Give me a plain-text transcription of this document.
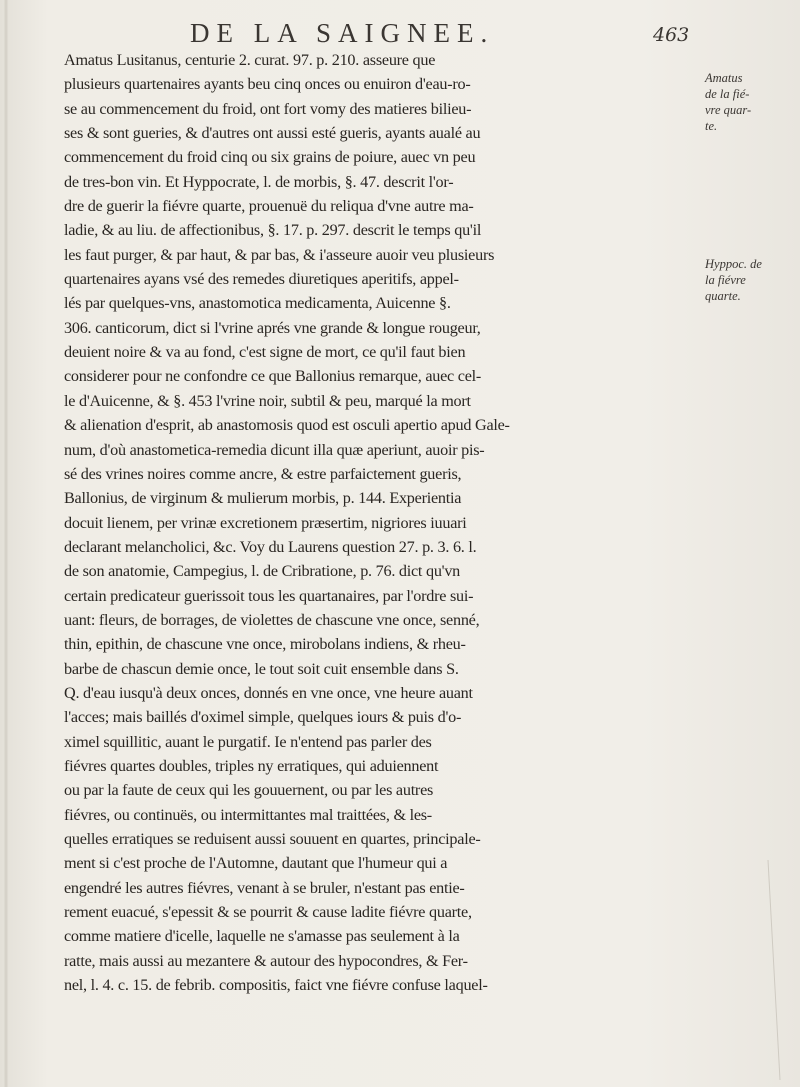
DE LA SAIGNEE.	463
Amatus Lusitanus, centurie 2. curat. 97. p. 210. asseure que
plusieurs quartenaires ayants beu cinq onces ou enuiron d'eau-ro-
se au commencement du froid, ont fort vomy des matieres bilieu-
ses & sont gueries, & d'autres ont aussi esté gueris, ayants aualé au
commencement du froid cinq ou six grains de poiure, auec vn peu
de tres-bon vin. Et Hyppocrate, l. de morbis, §. 47. descrit l'or-
dre de guerir la fiévre quarte, prouenuë du reliqua d'vne autre ma-
ladie, & au liu. de affectionibus, §. 17. p. 297. descrit le temps qu'il
les faut purger, & par haut, & par bas, & i'asseure auoir veu plusieurs
quartenaires ayans vsé des remedes diuretiques aperitifs, appel-
lés par quelques-vns, anastomotica medicamenta, Auicenne §.
306. canticorum, dict si l'vrine aprés vne grande & longue rougeur,
deuient noire & va au fond, c'est signe de mort, ce qu'il faut bien
considerer pour ne confondre ce que Ballonius remarque, auec cel-
le d'Auicenne, & §. 453 l'vrine noir, subtil & peu, marqué la mort
& alienation d'esprit, ab anastomosis quod est osculi apertio apud Gale-
num, d'où anastometica-remedia dicunt illa quæ aperiunt, auoir pis-
sé des vrines noires comme ancre, & estre parfaictement gueris,
Ballonius, de virginum & mulierum morbis, p. 144. Experientia
docuit lienem, per vrinæ excretionem præsertim, nigriores iuuari
declarant melancholici, &c. Voy du Laurens question 27. p. 3. 6. l.
de son anatomie, Campegius, l. de Cribratione, p. 76. dict qu'vn
certain predicateur guerissoit tous les quartanaires, par l'ordre sui-
uant: fleurs, de borrages, de violettes de chascune vne once, senné,
thin, epithin, de chascune vne once, mirobolans indiens, & rheu-
barbe de chascun demie once, le tout soit cuit ensemble dans S.
Q. d'eau iusqu'à deux onces, donnés en vne once, vne heure auant
l'acces; mais baillés d'oximel simple, quelques iours & puis d'o-
ximel squillitic, auant le purgatif. Ie n'entend pas parler des
fiévres quartes doubles, triples ny erratiques, qui aduiennent
ou par la faute de ceux qui les gouuernent, ou par les autres
fiévres, ou continuës, ou intermittantes mal traittées, & les-
quelles erratiques se reduisent aussi souuent en quartes, principale-
ment si c'est proche de l'Automne, dautant que l'humeur qui a
engendré les autres fiévres, venant à se bruler, n'estant pas entie-
rement euacué, s'epessit & se pourrit & cause ladite fiévre quarte,
comme matiere d'icelle, laquelle ne s'amasse pas seulement à la
ratte, mais aussi au mezantere & autour des hypocondres, & Fer-
nel, l. 4. c. 15. de febrib. compositis, faict vne fiévre confuse laquel-
Amatus
de la fié-
vre quar-
te.
Hyppoc. de
la fiévre
quarte.
